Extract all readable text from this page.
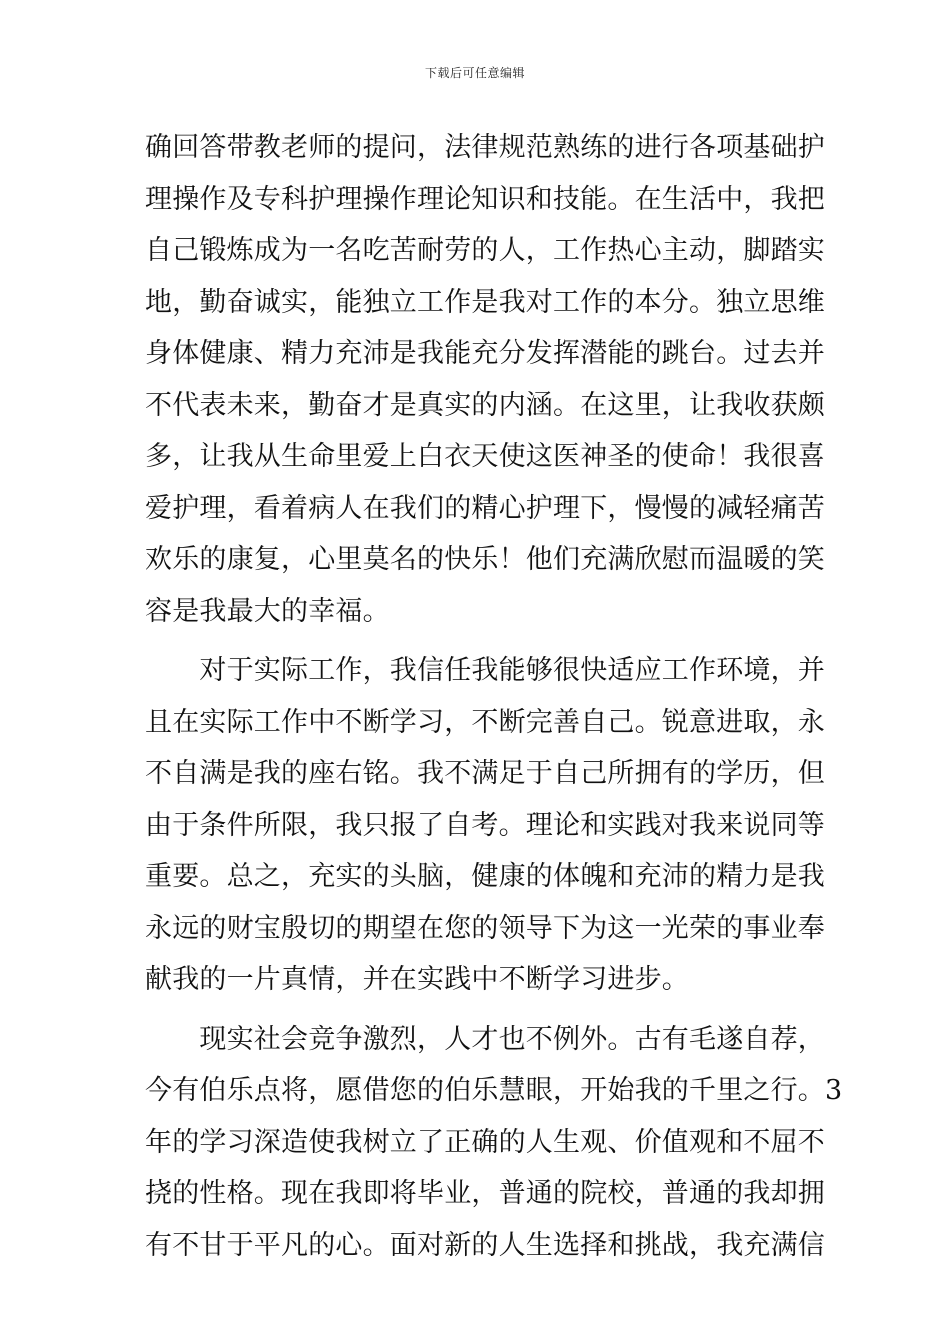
下载后可任意编辑
确回答带教老师的提问，法律规范熟练的进行各项基础护
理操作及专科护理操作理论知识和技能。在生活中，我把
自己锻炼成为一名吃苦耐劳的人，工作热心主动，脚踏实
地，勤奋诚实，能独立工作是我对工作的本分。独立思维
身体健康、精力充沛是我能充分发挥潜能的跳台。过去并
不代表未来，勤奋才是真实的内涵。在这里，让我收获颇
多，让我从生命里爱上白衣天使这医神圣的使命！我很喜
爱护理，看着病人在我们的精心护理下，慢慢的减轻痛苦
欢乐的康复，心里莫名的快乐！他们充满欣慰而温暖的笑
容是我最大的幸福。
　　对于实际工作，我信任我能够很快适应工作环境，并
且在实际工作中不断学习，不断完善自己。锐意进取，永
不自满是我的座右铭。我不满足于自己所拥有的学历，但
由于条件所限，我只报了自考。理论和实践对我来说同等
重要。总之，充实的头脑，健康的体魄和充沛的精力是我
永远的财宝殷切的期望在您的领导下为这一光荣的事业奉
献我的一片真情，并在实践中不断学习进步。
　　现实社会竞争激烈，人才也不例外。古有毛遂自荐，
今有伯乐点将，愿借您的伯乐慧眼，开始我的千里之行。3
年的学习深造使我树立了正确的人生观、价值观和不屈不
挠的性格。现在我即将毕业，普通的院校，普通的我却拥
有不甘于平凡的心。面对新的人生选择和挑战，我充满信
